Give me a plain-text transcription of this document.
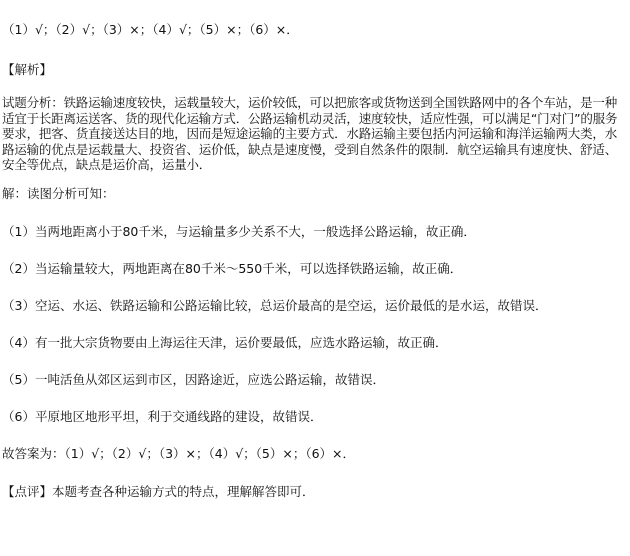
（1）√；（2）√；（3）×；（4）√；（5）×；（6）×．
【解析】
试题分析：铁路运输速度较快，运载量较大，运价较低，可以把旅客或货物送到全国铁路网中的各个车站，是一种适宜于长距离运送客、货的现代化运输方式．公路运输机动灵活，速度较快，适应性强，可以满足“门对门”的服务要求，把客、货直接送达目的地，因而是短途运输的主要方式．水路运输主要包括内河运输和海洋运输两大类，水路运输的优点是运载量大、投资省、运价低，缺点是速度慢，受到自然条件的限制．航空运输具有速度快、舒适、安全等优点，缺点是运价高，运量小．
解：读图分析可知：
（1）当两地距离小于80千米，与运输量多少关系不大，一般选择公路运输，故正确．
（2）当运输量较大，两地距离在80千米～550千米，可以选择铁路运输，故正确．
（3）空运、水运、铁路运输和公路运输比较，总运价最高的是空运，运价最低的是水运，故错误．
（4）有一批大宗货物要由上海运往天津，运价要最低，应选水路运输，故正确．
（5）一吨活鱼从郊区运到市区，因路途近，应选公路运输，故错误．
（6）平原地区地形平坦，利于交通线路的建设，故错误．
故答案为：（1）√；（2）√；（3）×；（4）√；（5）×；（6）×．
【点评】本题考查各种运输方式的特点，理解解答即可．
